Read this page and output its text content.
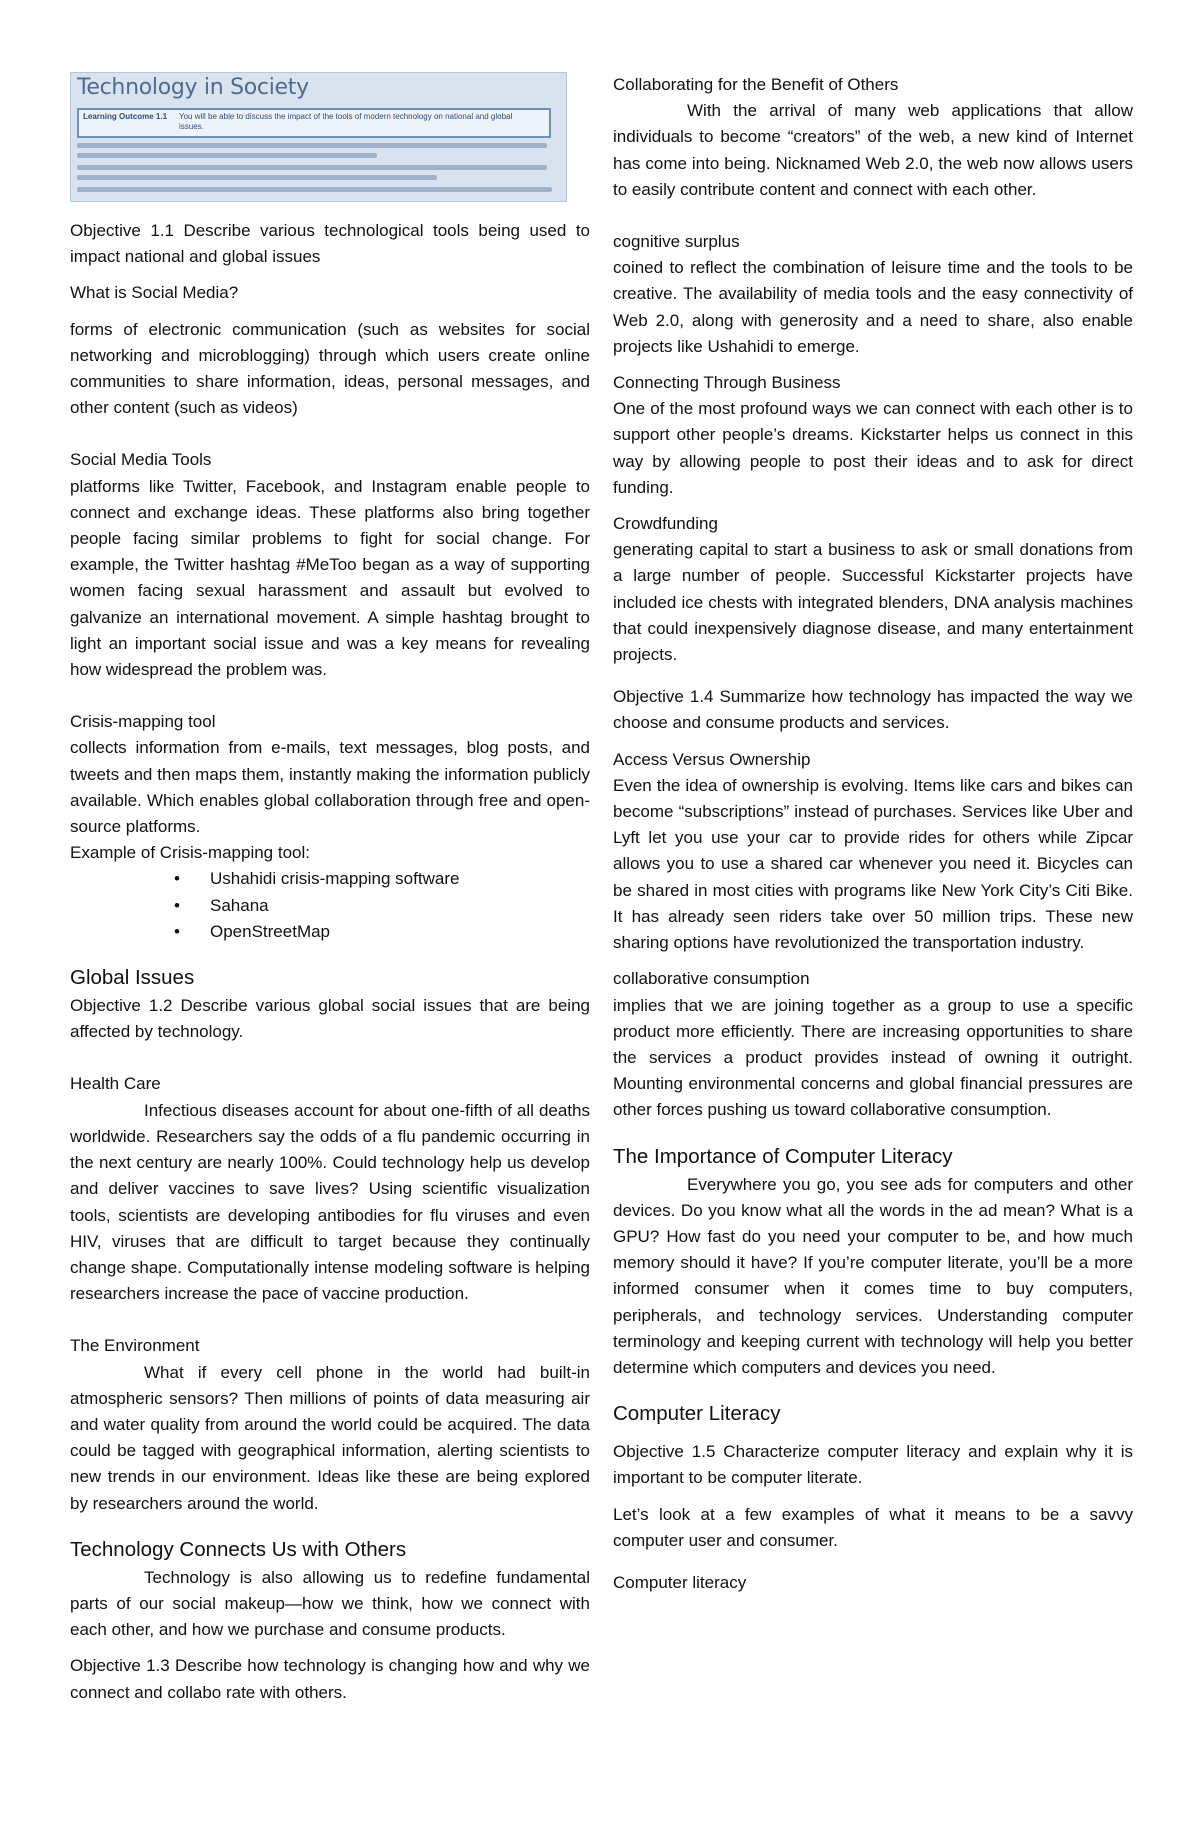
Technology in Society
Learning Outcome 1.1 You will be able to discuss the impact of the tools of modern technology on national and global issues.

Objective 1.1 Describe various technological tools being used to impact national and global issues

What is Social Media?

forms of electronic communication (such as websites for social networking and microblogging) through which users create online communities to share information, ideas, personal messages, and other content (such as videos)

Social Media Tools

platforms like Twitter, Facebook, and Instagram enable people to connect and exchange ideas. These platforms also bring together people facing similar problems to fight for social change. For example, the Twitter hashtag #MeToo began as a way of supporting women facing sexual harassment and assault but evolved to galvanize an international movement. A simple hashtag brought to light an important social issue and was a key means for revealing how widespread the problem was.

Crisis-mapping tool

collects information from e-mails, text messages, blog posts, and tweets and then maps them, instantly making the information publicly available. Which enables global collaboration through free and open-source platforms.

Example of Crisis-mapping tool:

• Ushahidi crisis-mapping software
• Sahana
• OpenStreetMap

Global Issues

Objective 1.2 Describe various global social issues that are being affected by technology.

Health Care

Infectious diseases account for about one-fifth of all deaths worldwide. Researchers say the odds of a flu pandemic occurring in the next century are nearly 100%. Could technology help us develop and deliver vaccines to save lives? Using scientific visualization tools, scientists are developing antibodies for flu viruses and even HIV, viruses that are difficult to target because they continually change shape. Computationally intense modeling software is helping researchers increase the pace of vaccine production.

The Environment

What if every cell phone in the world had built-in atmospheric sensors? Then millions of points of data measuring air and water quality from around the world could be acquired. The data could be tagged with geographical information, alerting scientists to new trends in our environment. Ideas like these are being explored by researchers around the world.

Technology Connects Us with Others

Technology is also allowing us to redefine fundamental parts of our social makeup—how we think, how we connect with each other, and how we purchase and consume products.

Objective 1.3 Describe how technology is changing how and why we connect and collabo rate with others.

Collaborating for the Benefit of Others

With the arrival of many web applications that allow individuals to become “creators” of the web, a new kind of Internet has come into being. Nicknamed Web 2.0, the web now allows users to easily contribute content and connect with each other.

cognitive surplus

coined to reflect the combination of leisure time and the tools to be creative. The availability of media tools and the easy connectivity of Web 2.0, along with generosity and a need to share, also enable projects like Ushahidi to emerge.

Connecting Through Business

One of the most profound ways we can connect with each other is to support other people’s dreams. Kickstarter helps us connect in this way by allowing people to post their ideas and to ask for direct funding.

Crowdfunding

generating capital to start a business to ask or small donations from a large number of people. Successful Kickstarter projects have included ice chests with integrated blenders, DNA analysis machines that could inexpensively diagnose disease, and many entertainment projects.

Objective 1.4 Summarize how technology has impacted the way we choose and consume products and services.

Access Versus Ownership

Even the idea of ownership is evolving. Items like cars and bikes can become “subscriptions” instead of purchases. Services like Uber and Lyft let you use your car to provide rides for others while Zipcar allows you to use a shared car whenever you need it. Bicycles can be shared in most cities with programs like New York City’s Citi Bike. It has already seen riders take over 50 million trips. These new sharing options have revolutionized the transportation industry.

collaborative consumption

implies that we are joining together as a group to use a specific product more efficiently. There are increasing opportunities to share the services a product provides instead of owning it outright. Mounting environmental concerns and global financial pressures are other forces pushing us toward collaborative consumption.

The Importance of Computer Literacy

Everywhere you go, you see ads for computers and other devices. Do you know what all the words in the ad mean? What is a GPU? How fast do you need your computer to be, and how much memory should it have? If you’re computer literate, you’ll be a more informed consumer when it comes time to buy computers, peripherals, and technology services. Understanding computer terminology and keeping current with technology will help you better determine which computers and devices you need.

Computer Literacy

Objective 1.5 Characterize computer literacy and explain why it is important to be computer literate.

Let’s look at a few examples of what it means to be a savvy computer user and consumer.

Computer literacy
